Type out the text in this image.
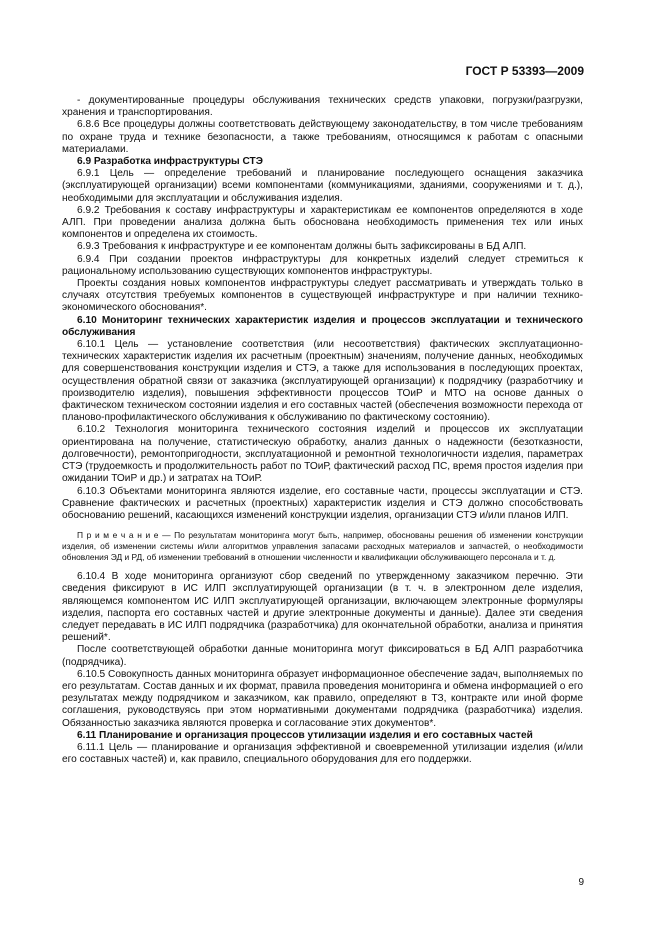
ГОСТ Р 53393—2009

- документированные процедуры обслуживания технических средств упаковки, погрузки/разгрузки, хранения и транспортирования.

6.8.6 Все процедуры должны соответствовать действующему законодательству, в том числе требованиям по охране труда и технике безопасности, а также требованиям, относящимся к работам с опасными материалами.

6.9 Разработка инфраструктуры СТЭ

6.9.1 Цель — определение требований и планирование последующего оснащения заказчика (эксплуатирующей организации) всеми компонентами (коммуникациями, зданиями, сооружениями и т. д.), необходимыми для эксплуатации и обслуживания изделия.

6.9.2 Требования к составу инфраструктуры и характеристикам ее компонентов определяются в ходе АЛП. При проведении анализа должна быть обоснована необходимость применения тех или иных компонентов и определена их стоимость.

6.9.3 Требования к инфраструктуре и ее компонентам должны быть зафиксированы в БД АЛП.

6.9.4 При создании проектов инфраструктуры для конкретных изделий следует стремиться к рациональному использованию существующих компонентов инфраструктуры.

Проекты создания новых компонентов инфраструктуры следует рассматривать и утверждать только в случаях отсутствия требуемых компонентов в существующей инфраструктуре и при наличии технико-экономического обоснования*.

6.10 Мониторинг технических характеристик изделия и процессов эксплуатации и технического обслуживания

6.10.1 Цель — установление соответствия (или несоответствия) фактических эксплуатационно-технических характеристик изделия их расчетным (проектным) значениям, получение данных, необходимых для совершенствования конструкции изделия и СТЭ, а также для использования в последующих проектах, осуществления обратной связи от заказчика (эксплуатирующей организации) к подрядчику (разработчику и производителю изделия), повышения эффективности процессов ТОиР и МТО на основе данных о фактическом техническом состоянии изделия и его составных частей (обеспечения возможности перехода от планово-профилактического обслуживания к обслуживанию по фактическому состоянию).

6.10.2 Технология мониторинга технического состояния изделий и процессов их эксплуатации ориентирована на получение, статистическую обработку, анализ данных о надежности (безотказности, долговечности), ремонтопригодности, эксплуатационной и ремонтной технологичности изделия, параметрах СТЭ (трудоемкость и продолжительность работ по ТОиР, фактический расход ПС, время простоя изделия при ожидании ТОиР и др.) и затратах на ТОиР.

6.10.3 Объектами мониторинга являются изделие, его составные части, процессы эксплуатации и СТЭ. Сравнение фактических и расчетных (проектных) характеристик изделия и СТЭ должно способствовать обоснованию решений, касающихся изменений конструкции изделия, организации СТЭ и/или планов ИЛП.

П р и м е ч а н и е — По результатам мониторинга могут быть, например, обоснованы решения об изменении конструкции изделия, об изменении системы и/или алгоритмов управления запасами расходных материалов и запчастей, о необходимости обновления ЭД и РД, об изменении требований в отношении численности и квалификации обслуживающего персонала и т. д.

6.10.4 В ходе мониторинга организуют сбор сведений по утвержденному заказчиком перечню. Эти сведения фиксируют в ИС ИЛП эксплуатирующей организации (в т. ч. в электронном деле изделия, являющемся компонентом ИС ИЛП эксплуатирующей организации, включающем электронные формуляры изделия, паспорта его составных частей и другие электронные документы и данные). Далее эти сведения следует передавать в ИС ИЛП подрядчика (разработчика) для окончательной обработки, анализа и принятия решений*.

После соответствующей обработки данные мониторинга могут фиксироваться в БД АЛП разработчика (подрядчика).

6.10.5 Совокупность данных мониторинга образует информационное обеспечение задач, выполняемых по его результатам. Состав данных и их формат, правила проведения мониторинга и обмена информацией о его результатах между подрядчиком и заказчиком, как правило, определяют в ТЗ, контракте или иной форме соглашения, руководствуясь при этом нормативными документами подрядчика (разработчика) изделия. Обязанностью заказчика являются проверка и согласование этих документов*.

6.11 Планирование и организация процессов утилизации изделия и его составных частей

6.11.1 Цель — планирование и организация эффективной и своевременной утилизации изделия (и/или его составных частей) и, как правило, специального оборудования для его поддержки.

9
